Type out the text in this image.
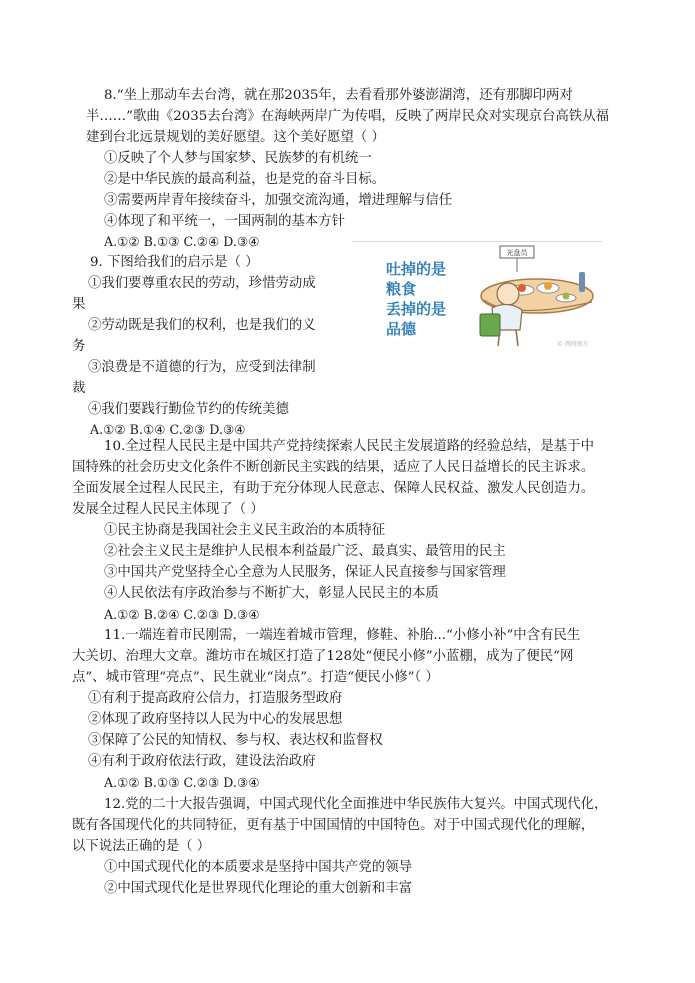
8.“坐上那动车去台湾，就在那2035年，去看看那外婆澎湖湾，还有那脚印两对
半……”歌曲《2035去台湾》在海峡两岸广为传唱，反映了两岸民众对实现京台高铁从福
建到台北远景规划的美好愿望。这个美好愿望（ ）
①反映了个人梦与国家梦、民族梦的有机统一
②是中华民族的最高利益，也是党的奋斗目标。
③需要两岸青年接续奋斗，加强交流沟通，增进理解与信任
④体现了和平统一，一国两制的基本方针
A.①② B.①③ C.②④ D.③④
9. 下图给我们的启示是（ ）
①我们要尊重农民的劳动，珍惜劳动成
果
②劳动既是我们的权利，也是我们的义
务
③浪费是不道德的行为，应受到法律制
裁
④我们要践行勤俭节约的传统美德
A.①② B.①④ C.②③ D.③④
吐掉的是
粮食
丢掉的是
品德
光盘员
© 网络图片
10.全过程人民民主是中国共产党持续探索人民民主发展道路的经验总结，是基于中
国特殊的社会历史文化条件不断创新民主实践的结果，适应了人民日益增长的民主诉求。
全面发展全过程人民民主，有助于充分体现人民意志、保障人民权益、激发人民创造力。
发展全过程人民民主体现了（ ）
①民主协商是我国社会主义民主政治的本质特征
②社会主义民主是维护人民根本利益最广泛、最真实、最管用的民主
③中国共产党坚持全心全意为人民服务，保证人民直接参与国家管理
④人民依法有序政治参与不断扩大，彰显人民民主的本质
A.①② B.②④ C.②③ D.③④
11.一端连着市民刚需，一端连着城市管理，修鞋、补胎...“小修小补”中含有民生
大关切、治理大文章。潍坊市在城区打造了128处“便民小修”小蓝棚，成为了便民“网
点”、城市管理“亮点”、民生就业“岗点”。打造“便民小修”（ ）
①有利于提高政府公信力，打造服务型政府
②体现了政府坚持以人民为中心的发展思想
③保障了公民的知情权、参与权、表达权和监督权
④有利于政府依法行政，建设法治政府
A.①② B.①③ C.②③ D.③④
12.党的二十大报告强调，中国式现代化全面推进中华民族伟大复兴。中国式现代化，
既有各国现代化的共同特征，更有基于中国国情的中国特色。对于中国式现代化的理解，
以下说法正确的是（ ）
①中国式现代化的本质要求是坚持中国共产党的领导
②中国式现代化是世界现代化理论的重大创新和丰富
